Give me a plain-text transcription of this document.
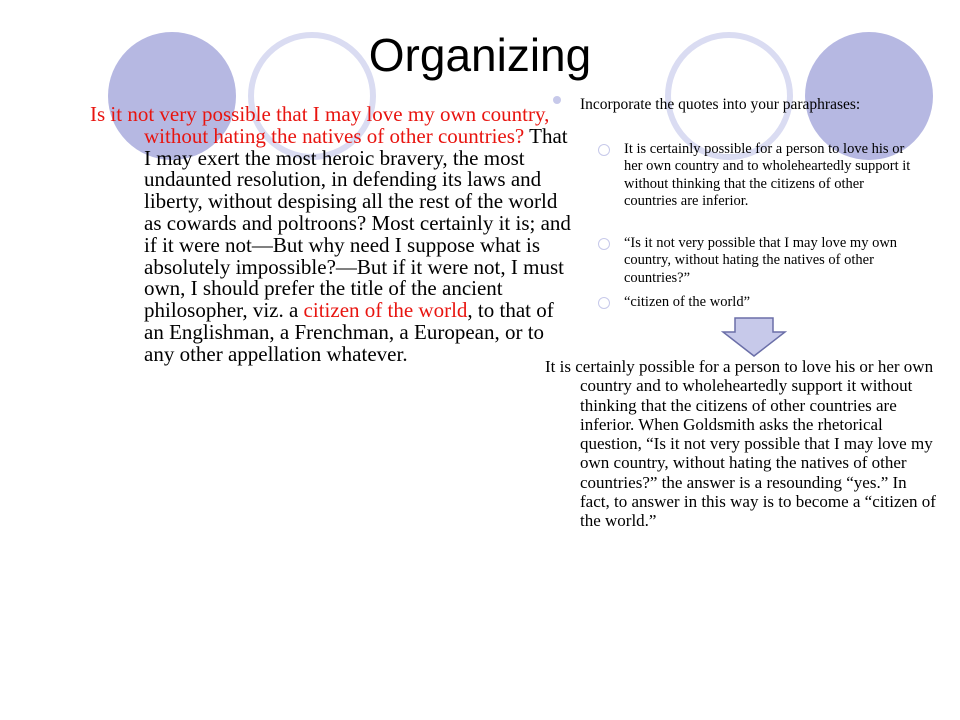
Organizing

Is it not very possible that I may love my own country, without hating the natives of other countries? That I may exert the most heroic bravery, the most undaunted resolution, in defending its laws and liberty, without despising all the rest of the world as cowards and poltroons? Most certainly it is; and if it were not—But why need I suppose what is absolutely impossible?—But if it were not, I must own, I should prefer the title of the ancient philosopher, viz. a citizen of the world, to that of an Englishman, a Frenchman, a European, or to any other appellation whatever.

Incorporate the quotes into your paraphrases:
It is certainly possible for a person to love his or her own country and to wholeheartedly support it without thinking that the citizens of other countries are inferior.
“Is it not very possible that I may love my own country, without hating the natives of other countries?”
“citizen of the world”

It is certainly possible for a person to love his or her own country and to wholeheartedly support it without thinking that the citizens of other countries are inferior. When Goldsmith asks the rhetorical question, “Is it not very possible that I may love my own country, without hating the natives of other countries?” the answer is a resounding “yes.” In fact, to answer in this way is to become a “citizen of the world.”
